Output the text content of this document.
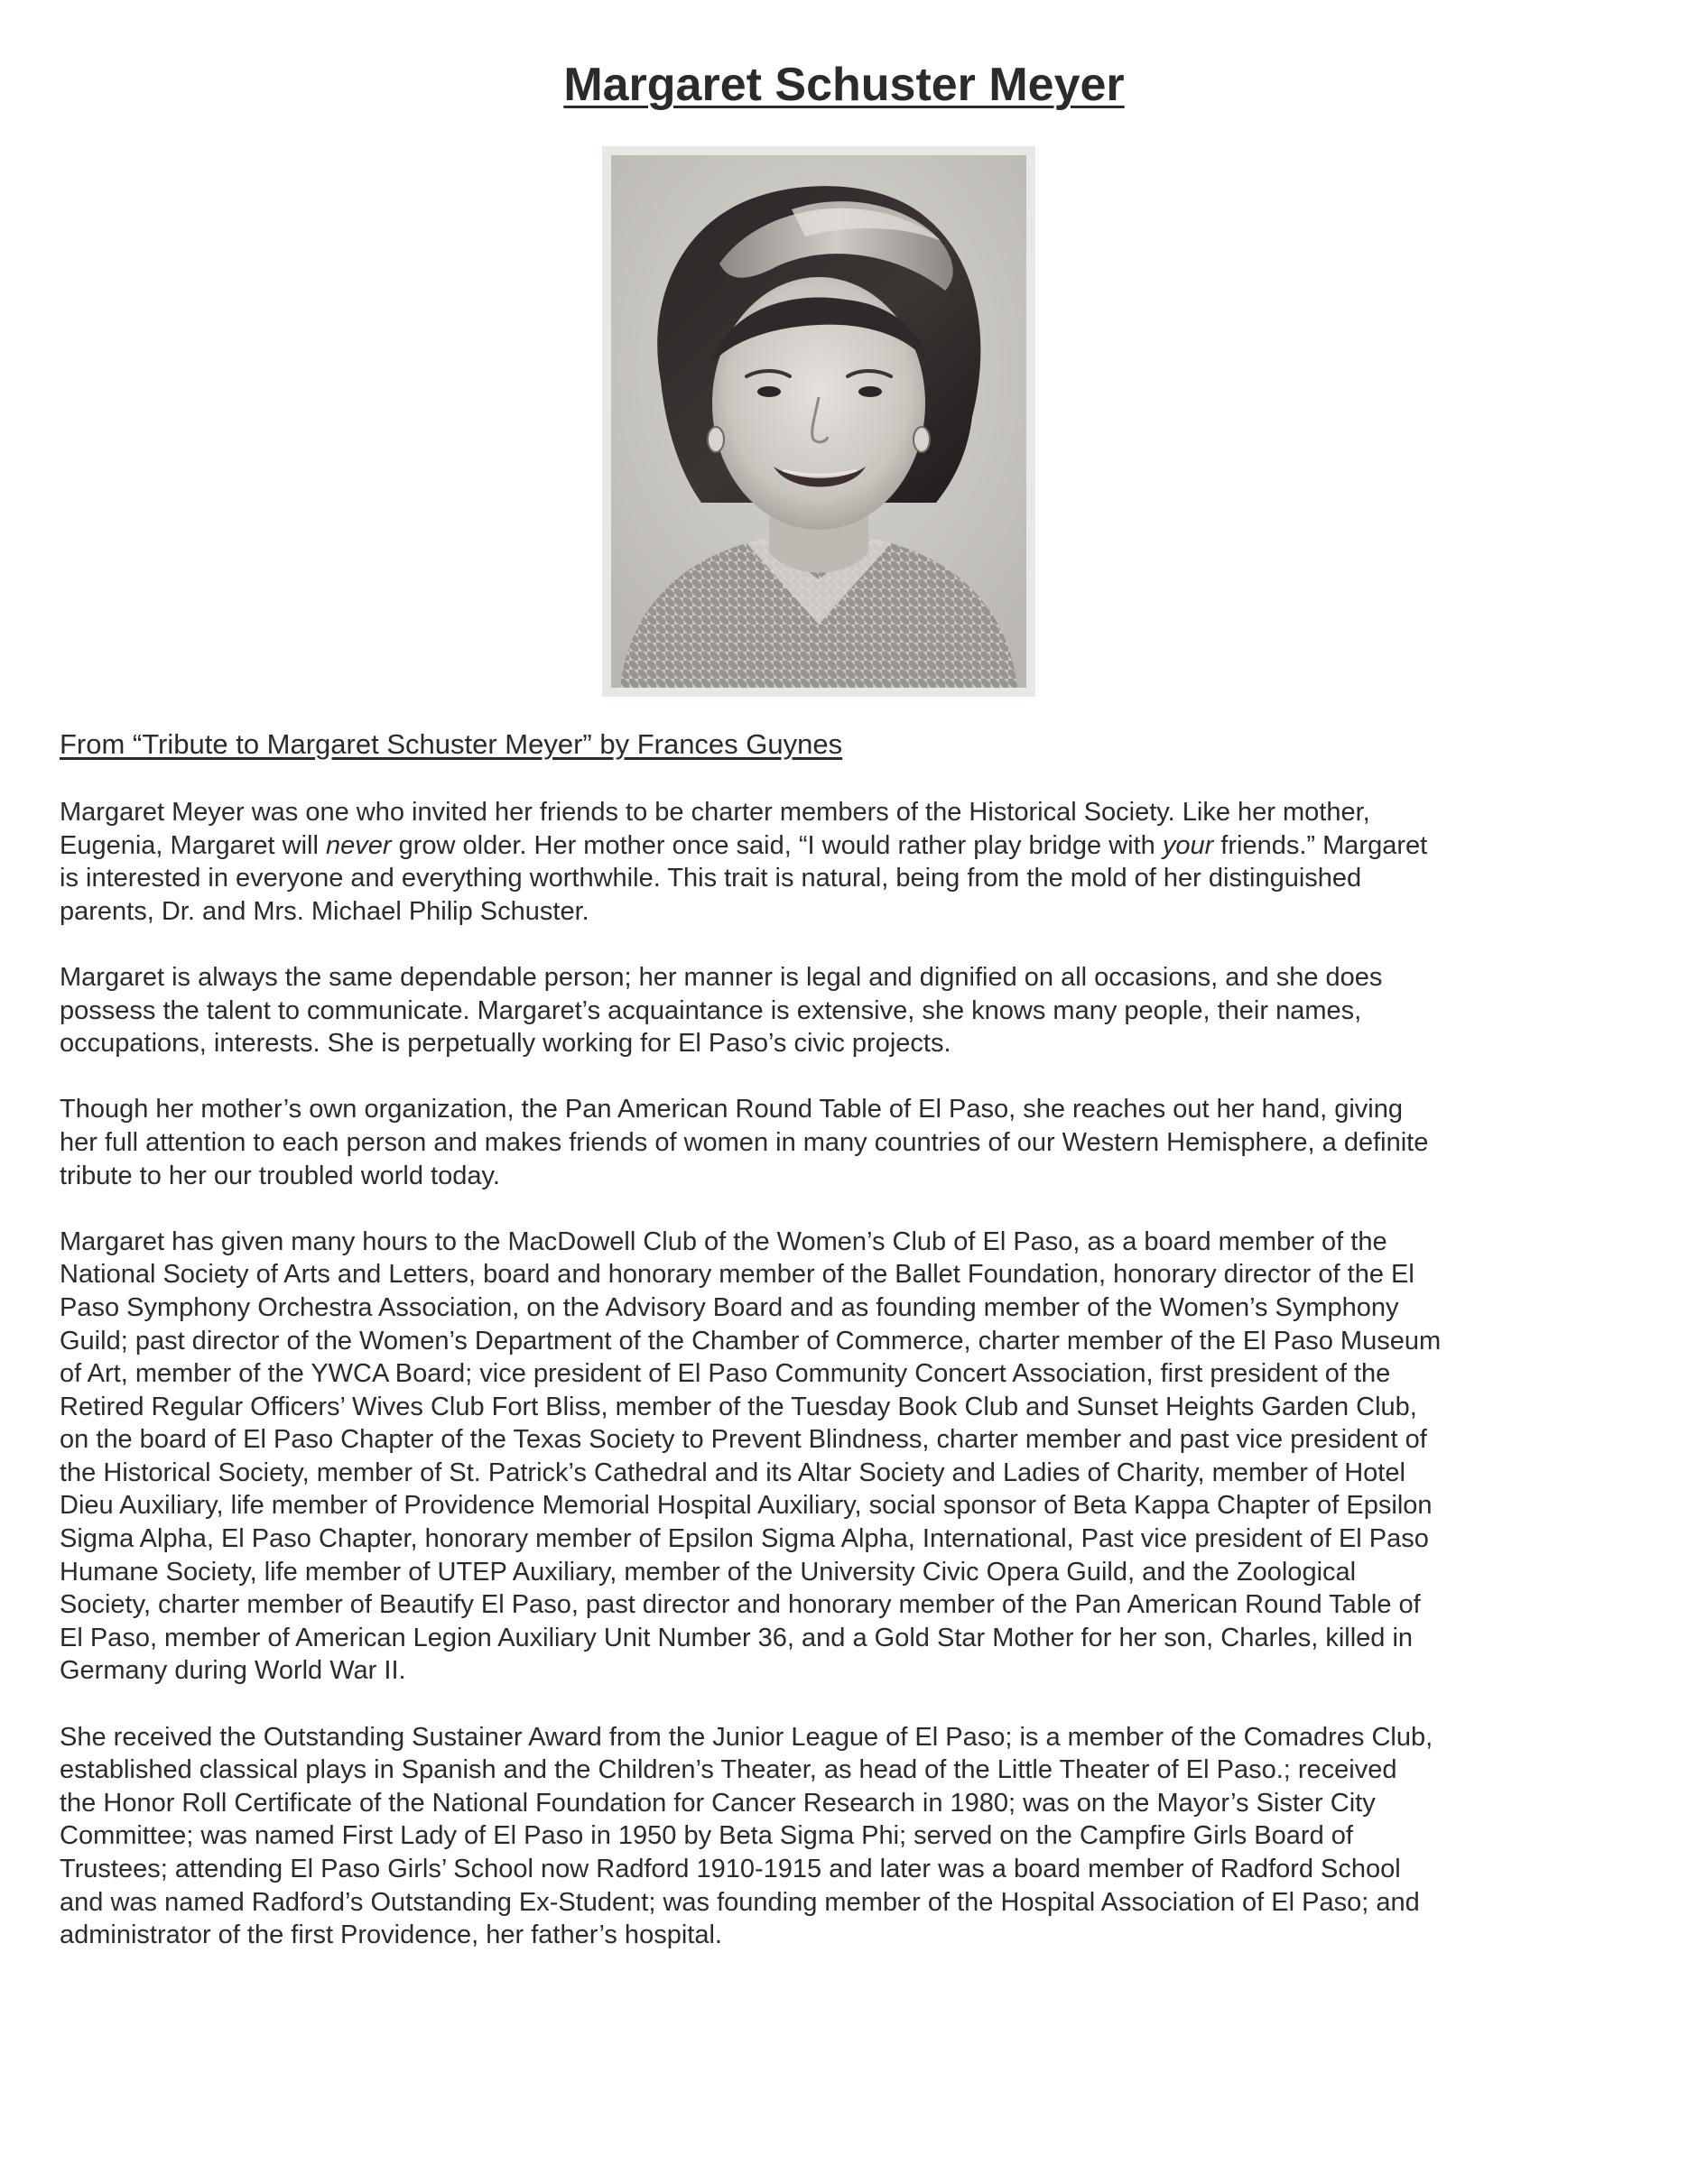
Margaret Schuster Meyer

From “Tribute to Margaret Schuster Meyer” by Frances Guynes

Margaret Meyer was one who invited her friends to be charter members of the Historical Society. Like her mother,
Eugenia, Margaret will never grow older. Her mother once said, “I would rather play bridge with your friends.” Margaret
is interested in everyone and everything worthwhile. This trait is natural, being from the mold of her distinguished
parents, Dr. and Mrs. Michael Philip Schuster.

Margaret is always the same dependable person; her manner is legal and dignified on all occasions, and she does
possess the talent to communicate. Margaret’s acquaintance is extensive, she knows many people, their names,
occupations, interests. She is perpetually working for El Paso’s civic projects.

Though her mother’s own organization, the Pan American Round Table of El Paso, she reaches out her hand, giving
her full attention to each person and makes friends of women in many countries of our Western Hemisphere, a definite
tribute to her our troubled world today.

Margaret has given many hours to the MacDowell Club of the Women’s Club of El Paso, as a board member of the
National Society of Arts and Letters, board and honorary member of the Ballet Foundation, honorary director of the El
Paso Symphony Orchestra Association, on the Advisory Board and as founding member of the Women’s Symphony
Guild; past director of the Women’s Department of the Chamber of Commerce, charter member of the El Paso Museum
of Art, member of the YWCA Board; vice president of El Paso Community Concert Association, first president of the
Retired Regular Officers’ Wives Club Fort Bliss, member of the Tuesday Book Club and Sunset Heights Garden Club,
on the board of El Paso Chapter of the Texas Society to Prevent Blindness, charter member and past vice president of
the Historical Society, member of St. Patrick’s Cathedral and its Altar Society and Ladies of Charity, member of Hotel
Dieu Auxiliary, life member of Providence Memorial Hospital Auxiliary, social sponsor of Beta Kappa Chapter of Epsilon
Sigma Alpha, El Paso Chapter, honorary member of Epsilon Sigma Alpha, International, Past vice president of El Paso
Humane Society, life member of UTEP Auxiliary, member of the University Civic Opera Guild, and the Zoological
Society, charter member of Beautify El Paso, past director and honorary member of the Pan American Round Table of
El Paso, member of American Legion Auxiliary Unit Number 36, and a Gold Star Mother for her son, Charles, killed in
Germany during World War II.

She received the Outstanding Sustainer Award from the Junior League of El Paso; is a member of the Comadres Club,
established classical plays in Spanish and the Children’s Theater, as head of the Little Theater of El Paso.; received
the Honor Roll Certificate of the National Foundation for Cancer Research in 1980; was on the Mayor’s Sister City
Committee; was named First Lady of El Paso in 1950 by Beta Sigma Phi; served on the Campfire Girls Board of
Trustees; attending El Paso Girls’ School now Radford 1910-1915 and later was a board member of Radford School
and was named Radford’s Outstanding Ex-Student; was founding member of the Hospital Association of El Paso; and
administrator of the first Providence, her father’s hospital.
